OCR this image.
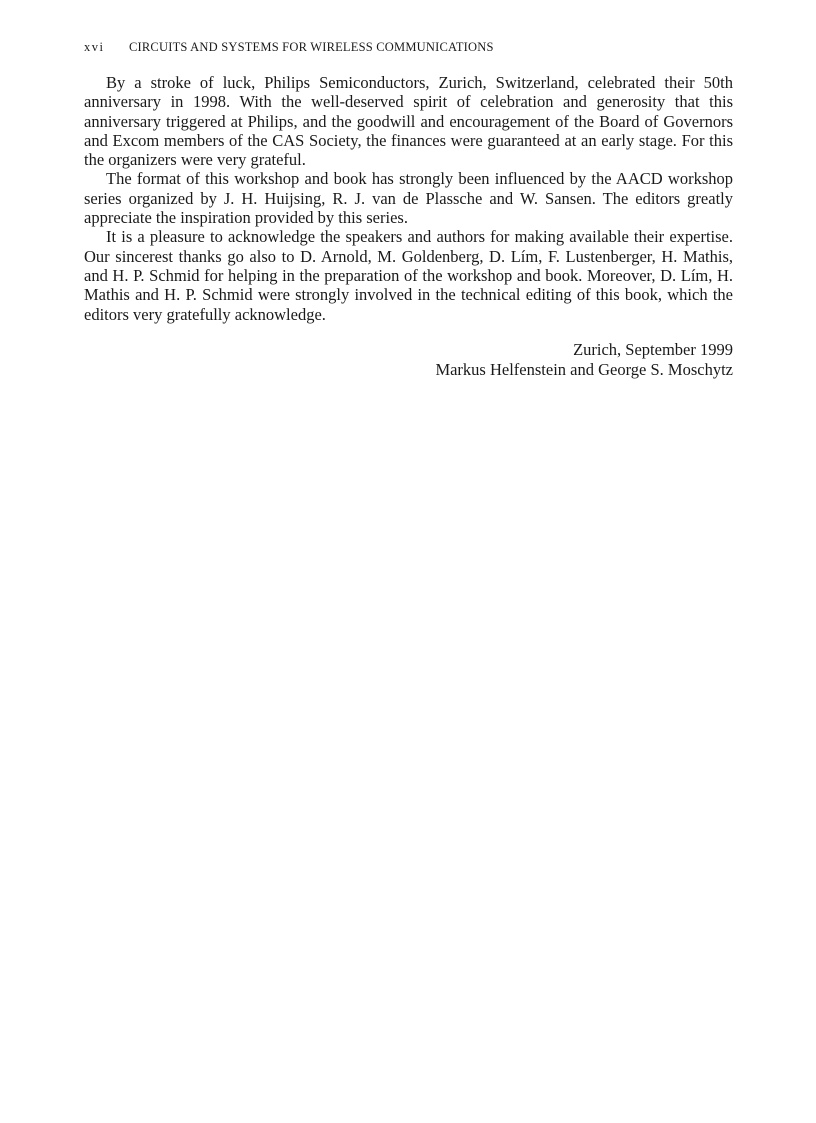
xvi CIRCUITS AND SYSTEMS FOR WIRELESS COMMUNICATIONS

By a stroke of luck, Philips Semiconductors, Zurich, Switzerland, celebrated their 50th anniversary in 1998. With the well-deserved spirit of celebration and generosity that this anniversary triggered at Philips, and the goodwill and encouragement of the Board of Governors and Excom members of the CAS Society, the finances were guaranteed at an early stage. For this the organizers were very grateful.

The format of this workshop and book has strongly been influenced by the AACD workshop series organized by J. H. Huijsing, R. J. van de Plassche and W. Sansen. The editors greatly appreciate the inspiration provided by this series.

It is a pleasure to acknowledge the speakers and authors for making available their expertise. Our sincerest thanks go also to D. Arnold, M. Goldenberg, D. Lím, F. Lustenberger, H. Mathis, and H. P. Schmid for helping in the preparation of the workshop and book. Moreover, D. Lím, H. Mathis and H. P. Schmid were strongly involved in the technical editing of this book, which the editors very gratefully acknowledge.

Zurich, September 1999
Markus Helfenstein and George S. Moschytz
